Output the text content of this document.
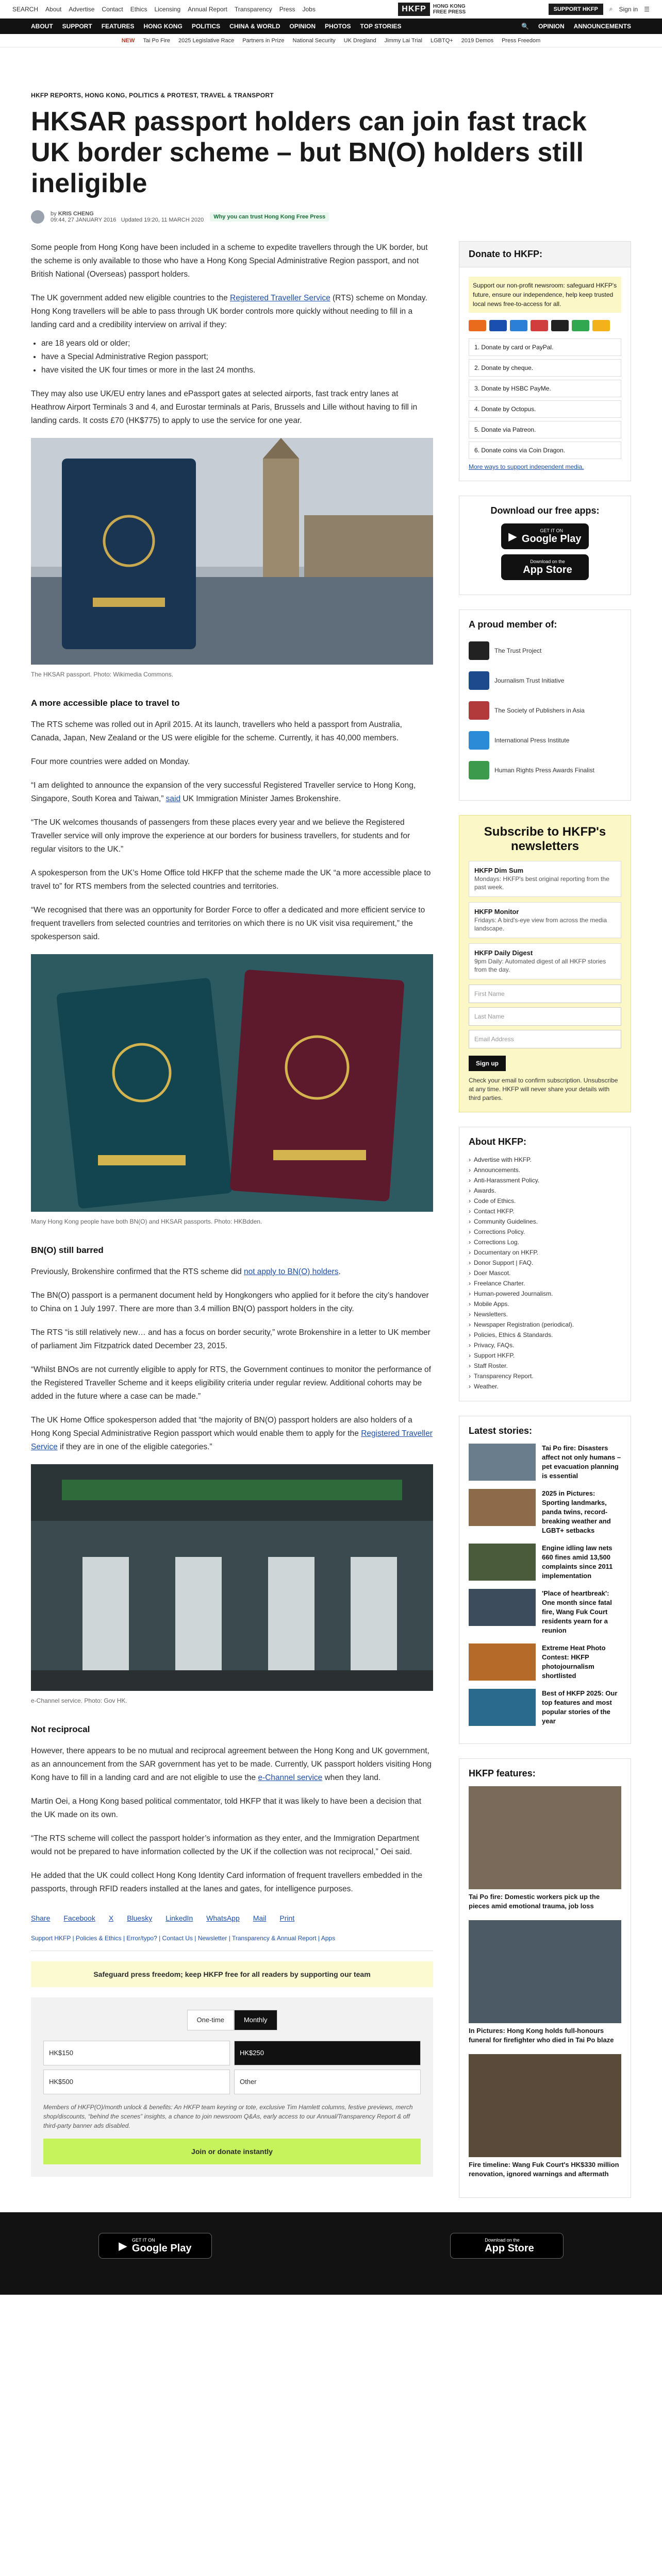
SEARCH About Advertise Contact Ethics Licensing Annual Report Transparency Press Jobs	HKFP	HONG KONG
FREE PRESS	SUPPORT HKFP	⌕ Sign in ☰
ABOUT SUPPORT FEATURES HONG KONG POLITICS CHINA & WORLD OPINION PHOTOS TOP STORIES	🔍 OPINION ANNOUNCEMENTS
NEW Tai Po Fire 2025 Legislative Race Partners in Prize National Security UK Dregland Jimmy Lai Trial LGBTQ+ 2019 Demos Press Freedom
HKFP REPORTS, HONG KONG, POLITICS & PROTEST, TRAVEL & TRANSPORT
HKSAR passport holders can join fast track UK border scheme – but BN(O) holders still ineligible
by KRIS CHENG
09:44, 27 JANUARY 2016 Updated 19:20, 11 MARCH 2020	Why you can trust Hong Kong Free Press

Some people from Hong Kong have been included in a scheme to expedite travellers through the UK border, but the scheme is only available to those who have a Hong Kong Special Administrative Region passport, and not British National (Overseas) passport holders.

The UK government added new eligible countries to the Registered Traveller Service (RTS) scheme on Monday. Hong Kong travellers will be able to pass through UK border controls more quickly without needing to fill in a landing card and a credibility interview on arrival if they:

• are 18 years old or older;
• have a Special Administrative Region passport;
• have visited the UK four times or more in the last 24 months.

They may also use UK/EU entry lanes and ePassport gates at selected airports, fast track entry lanes at Heathrow Airport Terminals 3 and 4, and Eurostar terminals at Paris, Brussels and Lille without having to fill in landing cards. It costs £70 (HK$775) to apply to use the service for one year.

The HKSAR passport. Photo: Wikimedia Commons.
A more accessible place to travel to

The RTS scheme was rolled out in April 2015. At its launch, travellers who held a passport from Australia, Canada, Japan, New Zealand or the US were eligible for the scheme. Currently, it has 40,000 members.

Four more countries were added on Monday.

“I am delighted to announce the expansion of the very successful Registered Traveller service to Hong Kong, Singapore, South Korea and Taiwan,” said UK Immigration Minister James Brokenshire.

“The UK welcomes thousands of passengers from these places every year and we believe the Registered Traveller service will only improve the experience at our borders for business travellers, for students and for regular visitors to the UK.”

A spokesperson from the UK’s Home Office told HKFP that the scheme made the UK “a more accessible place to travel to” for RTS members from the selected countries and territories.

“We recognised that there was an opportunity for Border Force to offer a dedicated and more efficient service to frequent travellers from selected countries and territories on which there is no UK visit visa requirement,” the spokesperson said.

Many Hong Kong people have both BN(O) and HKSAR passports. Photo: HKBdden.
BN(O) still barred

Previously, Brokenshire confirmed that the RTS scheme did not apply to BN(O) holders.

The BN(O) passport is a permanent document held by Hongkongers who applied for it before the city’s handover to China on 1 July 1997. There are more than 3.4 million BN(O) passport holders in the city.

The RTS “is still relatively new… and has a focus on border security,” wrote Brokenshire in a letter to UK member of parliament Jim Fitzpatrick dated December 23, 2015.

“Whilst BNOs are not currently eligible to apply for RTS, the Government continues to monitor the performance of the Registered Traveller Scheme and it keeps eligibility criteria under regular review. Additional cohorts may be added in the future where a case can be made.”

The UK Home Office spokesperson added that “the majority of BN(O) passport holders are also holders of a Hong Kong Special Administrative Region passport which would enable them to apply for the Registered Traveller Service if they are in one of the eligible categories.”

e-Channel service. Photo: Gov HK.
Not reciprocal

However, there appears to be no mutual and reciprocal agreement between the Hong Kong and UK government, as an announcement from the SAR government has yet to be made. Currently, UK passport holders visiting Hong Kong have to fill in a landing card and are not eligible to use the e-Channel service when they land.

Martin Oei, a Hong Kong based political commentator, told HKFP that it was likely to have been a decision that the UK made on its own.

“The RTS scheme will collect the passport holder’s information as they enter, and the Immigration Department would not be prepared to have information collected by the UK if the collection was not reciprocal,” Oei said.

He added that the UK could collect Hong Kong Identity Card information of frequent travellers embedded in the passports, through RFID readers installed at the lanes and gates, for intelligence purposes.

Share Facebook X Bluesky LinkedIn WhatsApp Mail Print
Support HKFP | Policies & Ethics | Error/typo? | Contact Us | Newsletter | Transparency & Annual Report | Apps
Safeguard press freedom; keep HKFP free for all readers by supporting our team
One-time	Monthly
HK$150	HK$250
HK$500	Other
Members of HKFP(O)/month unlock & benefits: An HKFP team keyring or tote, exclusive Tim Hamlett columns, festive previews, merch shop/discounts, “behind the scenes” insights, a chance to join newsroom Q&As, early access to our Annual/Transparency Report & off third-party banner ads disabled.
Join or donate instantly
Donate to HKFP:
Support our non-profit newsroom: safeguard HKFP's future, ensure our independence, help keep trusted local news free-to-access for all.
1. Donate by card or PayPal.
2. Donate by cheque.
3. Donate by HSBC PayMe.
4. Donate by Octopus.
5. Donate via Patreon.
6. Donate coins via Coin Dragon.
More ways to support independent media.
Download our free apps:
▶
GET IT ON
Google Play
Download on the
App Store
A proud member of:
The Trust Project
Journalism Trust Initiative
The Society of Publishers in Asia
International Press Institute
Human Rights Press Awards Finalist
Subscribe to HKFP's newsletters
HKFP Dim Sum
Mondays: HKFP's best original reporting from the past week.
HKFP Monitor
Fridays: A bird's-eye view from across the media landscape.
HKFP Daily Digest
9pm Daily: Automated digest of all HKFP stories from the day.
First Name
Last Name
Email Address
Sign up
Check your email to confirm subscription. Unsubscribe at any time. HKFP will never share your details with third parties.
About HKFP:
› Advertise with HKFP.
› Announcements.
› Anti-Harassment Policy.
› Awards.
› Code of Ethics.
› Contact HKFP.
› Community Guidelines.
› Corrections Policy.
› Corrections Log.
› Documentary on HKFP.
› Donor Support | FAQ.
› Doer Mascot.
› Freelance Charter.
› Human-powered Journalism.
› Mobile Apps.
› Newsletters.
› Newspaper Registration (periodical).
› Policies, Ethics & Standards.
› Privacy, FAQs.
› Support HKFP.
› Staff Roster.
› Transparency Report.
› Weather.
Latest stories:
Tai Po fire: Disasters affect not only humans – pet evacuation planning is essential
2025 in Pictures: Sporting landmarks, panda twins, record-breaking weather and LGBT+ setbacks
Engine idling law nets 660 fines amid 13,500 complaints since 2011 implementation
'Place of heartbreak': One month since fatal fire, Wang Fuk Court residents yearn for a reunion
Extreme Heat Photo Contest: HKFP photojournalism shortlisted
Best of HKFP 2025: Our top features and most popular stories of the year
HKFP features:
Tai Po fire: Domestic workers pick up the pieces amid emotional trauma, job loss
In Pictures: Hong Kong holds full-honours funeral for firefighter who died in Tai Po blaze
Fire timeline: Wang Fuk Court's HK$330 million renovation, ignored warnings and aftermath
▶
GET IT ON
Google Play
Download on the
App Store
